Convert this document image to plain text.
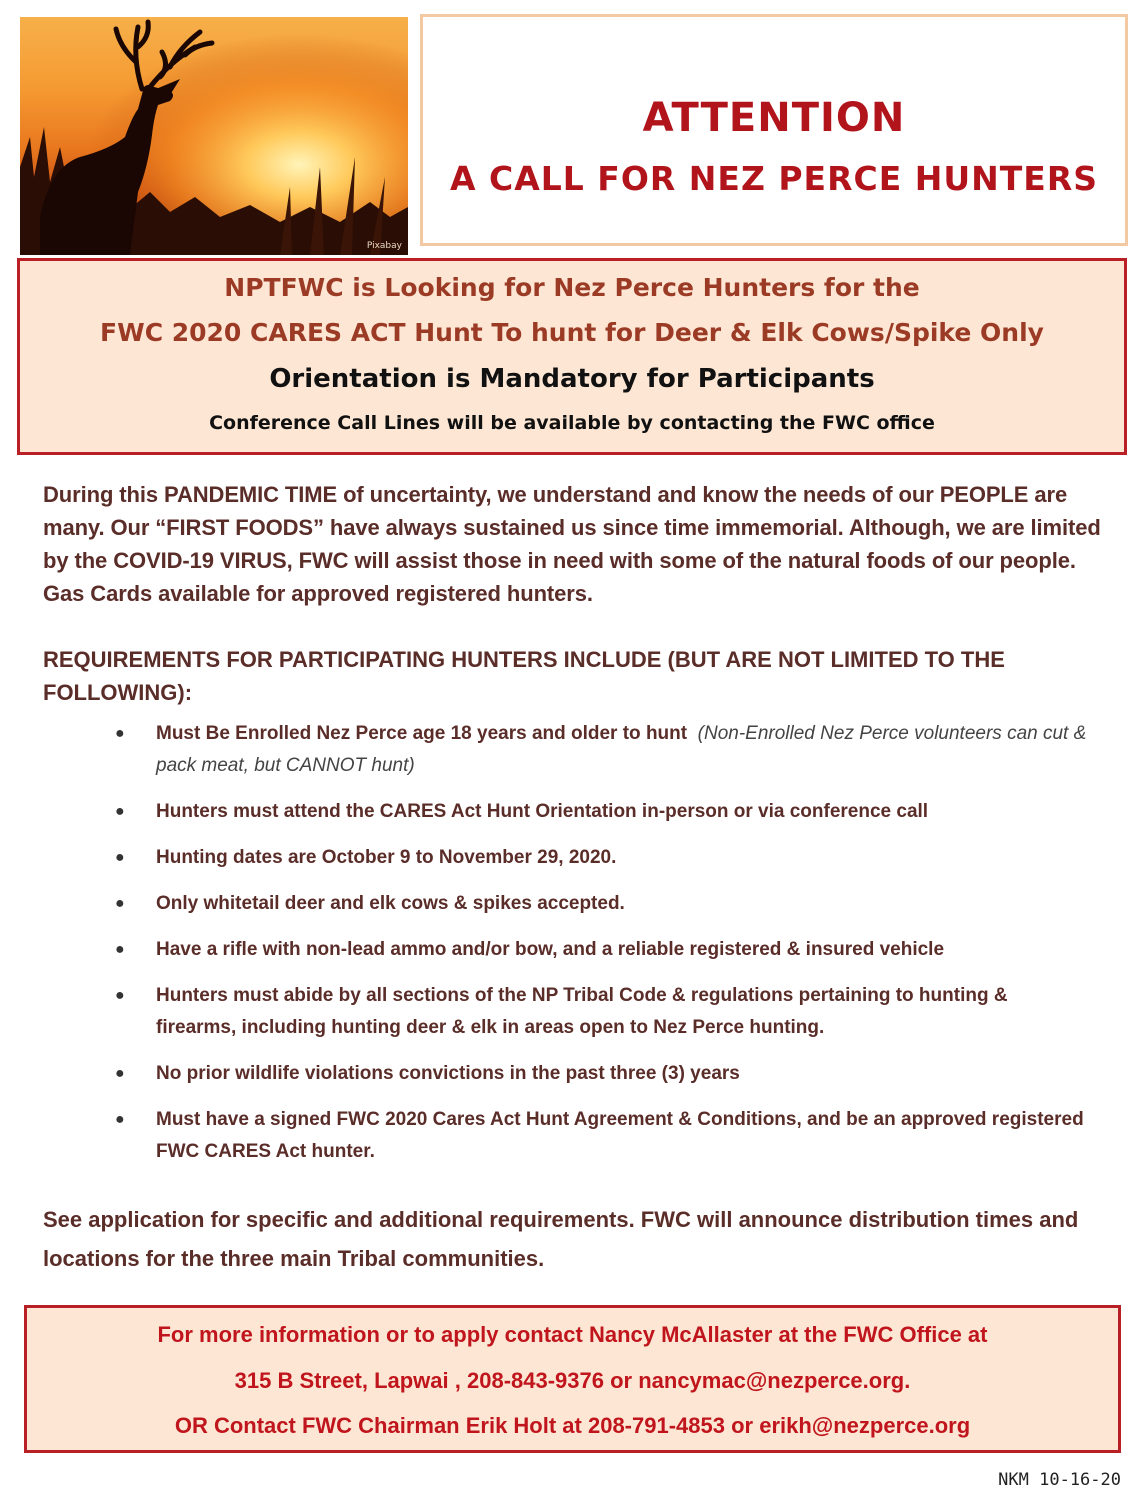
Pixabay
ATTENTION
A CALL FOR NEZ PERCE HUNTERS
NPTFWC is Looking for Nez Perce Hunters for the
FWC 2020 CARES ACT Hunt To hunt for Deer & Elk Cows/Spike Only
Orientation is Mandatory for Participants
Conference Call Lines will be available by contacting the FWC office
During this PANDEMIC TIME of uncertainty, we understand and know the needs of our PEOPLE are many. Our “FIRST FOODS” have always sustained us since time immemorial. Although, we are limited by the COVID-19 VIRUS, FWC will assist those in need with some of the natural foods of our people. Gas Cards available for approved registered hunters.
REQUIREMENTS FOR PARTICIPATING HUNTERS INCLUDE (BUT ARE NOT LIMITED TO THE FOLLOWING):
● Must Be Enrolled Nez Perce age 18 years and older to hunt (Non-Enrolled Nez Perce volunteers can cut & pack meat, but CANNOT hunt)
● Hunters must attend the CARES Act Hunt Orientation in-person or via conference call
● Hunting dates are October 9 to November 29, 2020.
● Only whitetail deer and elk cows & spikes accepted.
● Have a rifle with non-lead ammo and/or bow, and a reliable registered & insured vehicle
● Hunters must abide by all sections of the NP Tribal Code & regulations pertaining to hunting & firearms, including hunting deer & elk in areas open to Nez Perce hunting.
● No prior wildlife violations convictions in the past three (3) years
● Must have a signed FWC 2020 Cares Act Hunt Agreement & Conditions, and be an approved registered FWC CARES Act hunter.
See application for specific and additional requirements. FWC will announce distribution times and locations for the three main Tribal communities.
For more information or to apply contact Nancy McAllaster at the FWC Office at
315 B Street, Lapwai , 208-843-9376 or nancymac@nezperce.org.
OR Contact FWC Chairman Erik Holt at 208-791-4853 or erikh@nezperce.org
NKM 10-16-20
